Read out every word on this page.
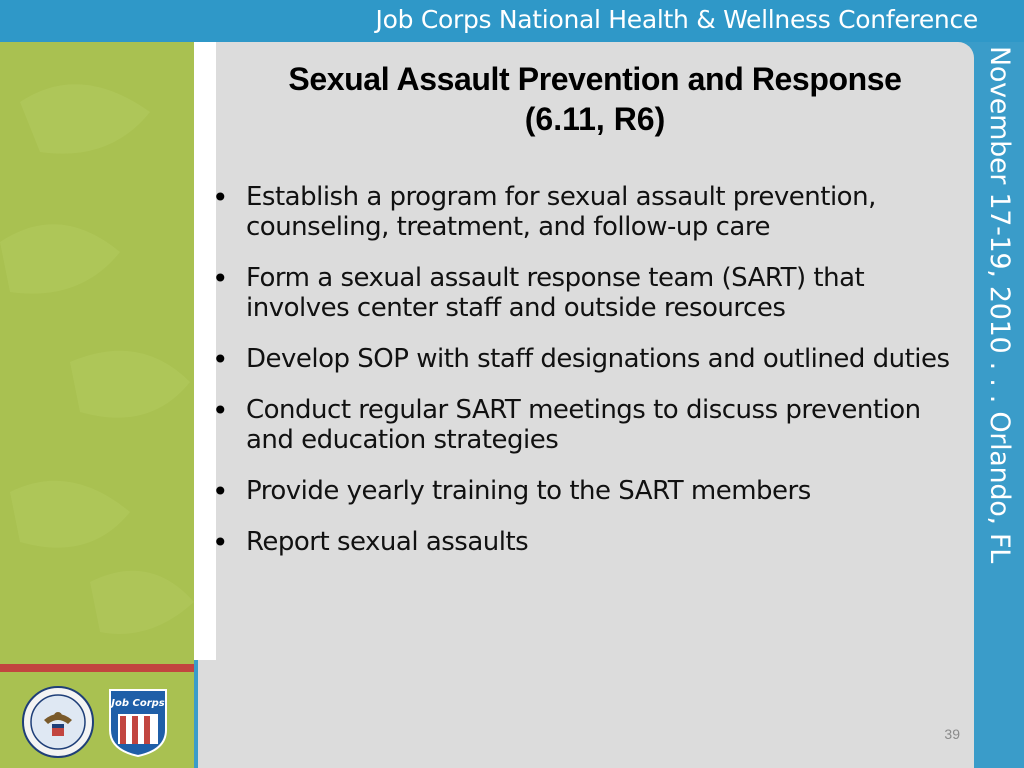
Job Corps National Health & Wellness Conference
Job Corps
Sexual Assault Prevention and Response
(6.11, R6)
• Establish a program for sexual assault prevention, counseling, treatment, and follow-up care
• Form a sexual assault response team (SART) that involves center staff and outside resources
• Develop SOP with staff designations and outlined duties
• Conduct regular SART meetings to discuss prevention and education strategies
• Provide yearly training to the SART members
• Report sexual assaults
39
November 17-19, 2010 . . . Orlando, FL
